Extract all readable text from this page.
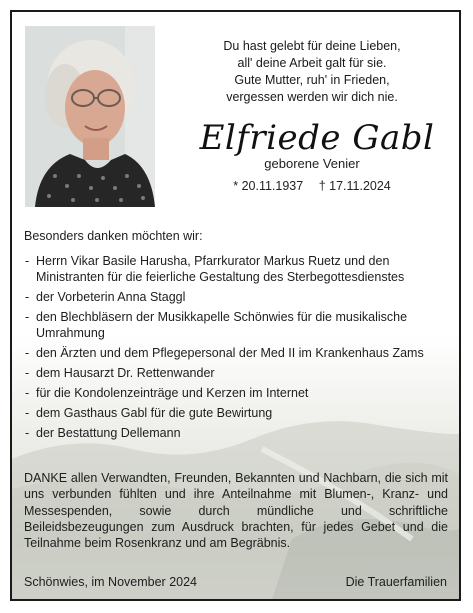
Du hast gelebt für deine Lieben,
all' deine Arbeit galt für sie.
Gute Mutter, ruh' in Frieden,
vergessen werden wir dich nie.
Elfriede Gabl
geborene Venier
* 20.11.1937 † 17.11.2024

Besonders danken möchten wir:

- Herrn Vikar Basile Harusha, Pfarrkurator Markus Ruetz und den Ministranten für die feierliche Gestaltung des Sterbegottesdienstes
- der Vorbeterin Anna Staggl
- den Blechbläsern der Musikkapelle Schönwies für die musikalische Umrahmung
- den Ärzten und dem Pflegepersonal der Med II im Krankenhaus Zams
- dem Hausarzt Dr. Rettenwander
- für die Kondolenzeinträge und Kerzen im Internet
- dem Gasthaus Gabl für die gute Bewirtung
- der Bestattung Dellemann

DANKE allen Verwandten, Freunden, Bekannten und Nachbarn, die sich mit uns verbunden fühlten und ihre Anteilnahme mit Blumen-, Kranz- und Messespenden, sowie durch mündliche und schriftliche Beileidsbezeugungen zum Ausdruck brachten, für jedes Gebet und die Teilnahme beim Rosenkranz und am Begräbnis.

Schönwies, im November 2024	Die Trauerfamilien
